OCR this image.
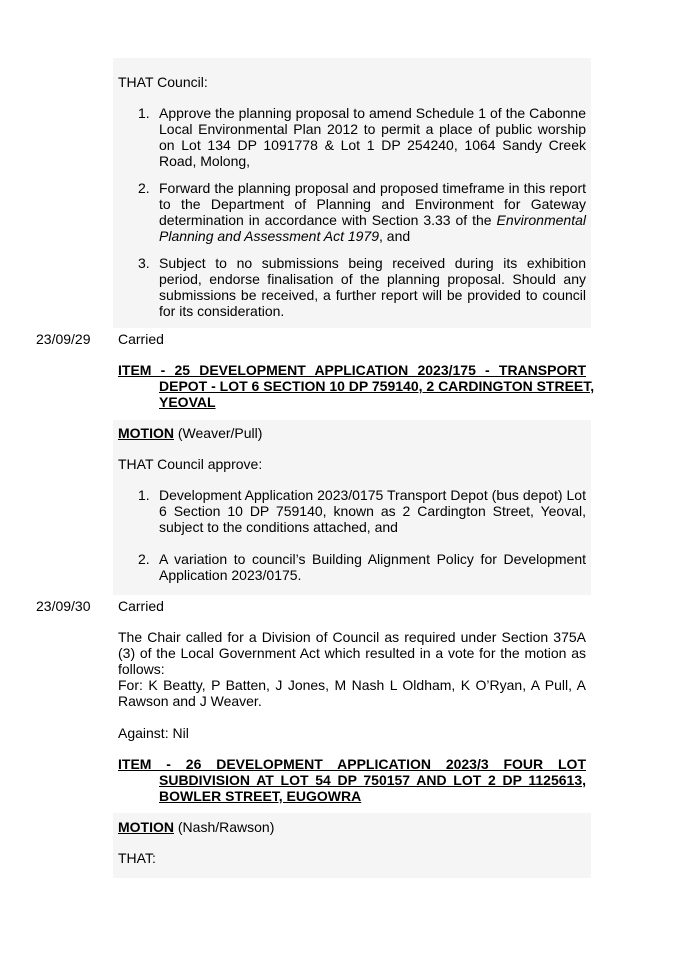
THAT Council:
1. Approve the planning proposal to amend Schedule 1 of the Cabonne Local Environmental Plan 2012 to permit a place of public worship on Lot 134 DP 1091778 & Lot 1 DP 254240, 1064 Sandy Creek Road, Molong,
2. Forward the planning proposal and proposed timeframe in this report to the Department of Planning and Environment for Gateway determination in accordance with Section 3.33 of the Environmental Planning and Assessment Act 1979, and
3. Subject to no submissions being received during its exhibition period, endorse finalisation of the planning proposal. Should any submissions be received, a further report will be provided to council for its consideration.
23/09/29 Carried
ITEM - 25 DEVELOPMENT APPLICATION 2023/175 - TRANSPORT
DEPOT - LOT 6 SECTION 10 DP 759140, 2 CARDINGTON STREET,
YEOVAL
MOTION (Weaver/Pull)
THAT Council approve:
1. Development Application 2023/0175 Transport Depot (bus depot) Lot 6 Section 10 DP 759140, known as 2 Cardington Street, Yeoval, subject to the conditions attached, and
2. A variation to council’s Building Alignment Policy for Development Application 2023/0175.
23/09/30 Carried
The Chair called for a Division of Council as required under Section 375A (3) of the Local Government Act which resulted in a vote for the motion as follows:
For: K Beatty, P Batten, J Jones, M Nash L Oldham, K O’Ryan, A Pull, A Rawson and J Weaver.
Against: Nil
ITEM - 26 DEVELOPMENT APPLICATION 2023/3 FOUR LOT
SUBDIVISION AT LOT 54 DP 750157 AND LOT 2 DP 1125613,
BOWLER STREET, EUGOWRA
MOTION (Nash/Rawson)
THAT:
